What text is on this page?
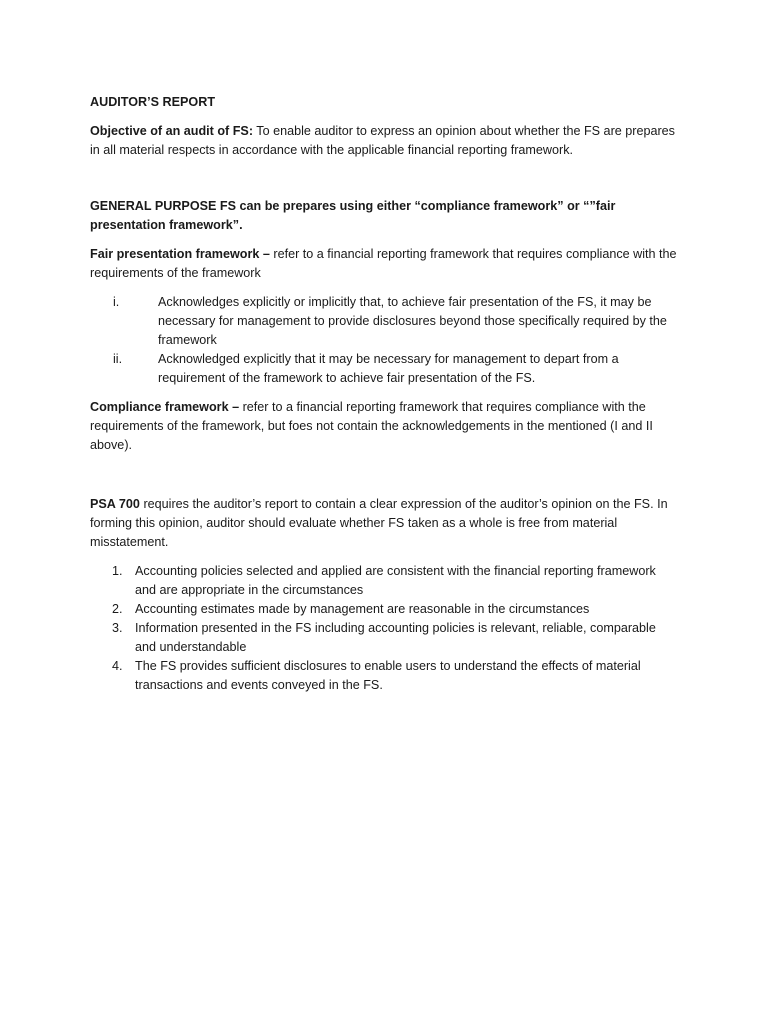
AUDITOR’S REPORT

Objective of an audit of FS: To enable auditor to express an opinion about whether the FS are prepares in all material respects in accordance with the applicable financial reporting framework.

GENERAL PURPOSE FS can be prepares using either “compliance framework” or “”fair presentation framework”.

Fair presentation framework – refer to a financial reporting framework that requires compliance with the requirements of the framework

i.	Acknowledges explicitly or implicitly that, to achieve fair presentation of the FS, it may be necessary for management to provide disclosures beyond those specifically required by the framework
ii.	Acknowledged explicitly that it may be necessary for management to depart from a requirement of the framework to achieve fair presentation of the FS.

Compliance framework – refer to a financial reporting framework that requires compliance with the requirements of the framework, but foes not contain the acknowledgements in the mentioned (I and II above).

PSA 700 requires the auditor’s report to contain a clear expression of the auditor’s opinion on the FS. In forming this opinion, auditor should evaluate whether FS taken as a whole is free from material misstatement.

1. Accounting policies selected and applied are consistent with the financial reporting framework and are appropriate in the circumstances
2. Accounting estimates made by management are reasonable in the circumstances
3. Information presented in the FS including accounting policies is relevant, reliable, comparable and understandable
4. The FS provides sufficient disclosures to enable users to understand the effects of material transactions and events conveyed in the FS.
